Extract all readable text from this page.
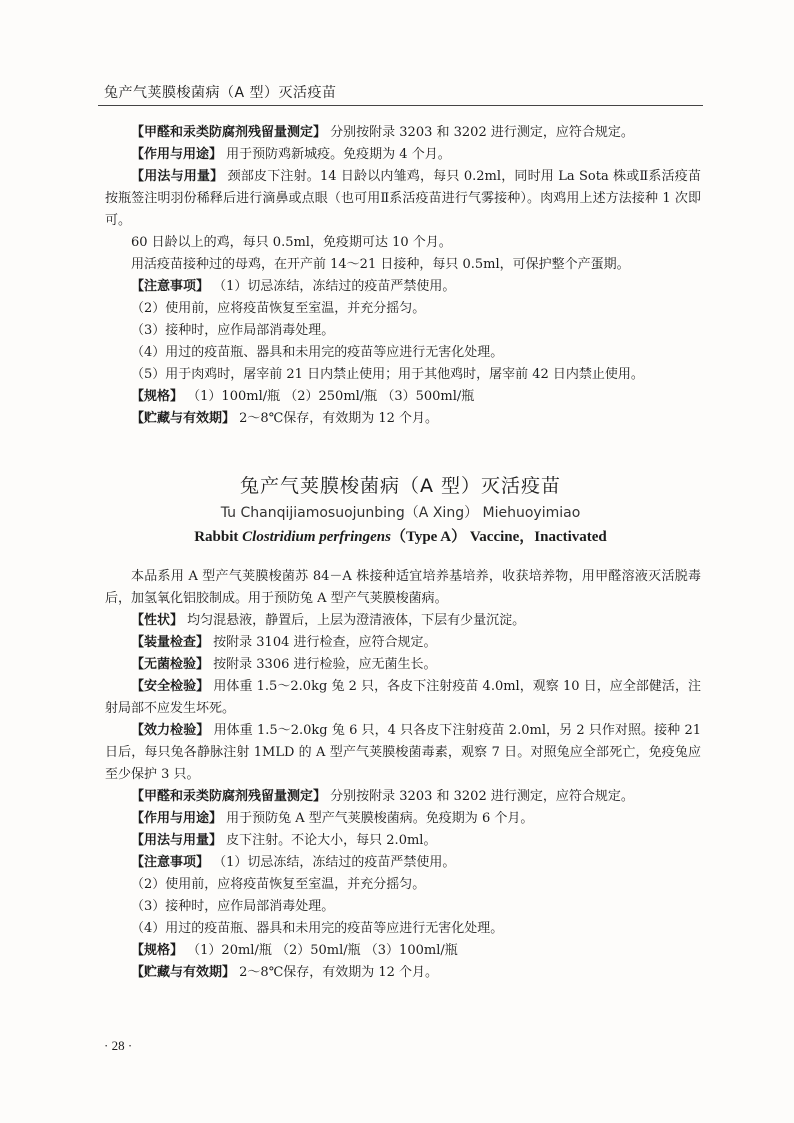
兔产气荚膜梭菌病（A 型）灭活疫苗

【甲醛和汞类防腐剂残留量测定】 分别按附录 3203 和 3202 进行测定，应符合规定。

【作用与用途】 用于预防鸡新城疫。免疫期为 4 个月。

【用法与用量】 颈部皮下注射。14 日龄以内雏鸡，每只 0.2ml，同时用 La Sota 株或Ⅱ系活疫苗按瓶签注明羽份稀释后进行滴鼻或点眼（也可用Ⅱ系活疫苗进行气雾接种）。肉鸡用上述方法接种 1 次即可。

60 日龄以上的鸡，每只 0.5ml，免疫期可达 10 个月。

用活疫苗接种过的母鸡，在开产前 14～21 日接种，每只 0.5ml，可保护整个产蛋期。

【注意事项】 （1）切忌冻结，冻结过的疫苗严禁使用。

（2）使用前，应将疫苗恢复至室温，并充分摇匀。

（3）接种时，应作局部消毒处理。

（4）用过的疫苗瓶、器具和未用完的疫苗等应进行无害化处理。

（5）用于肉鸡时，屠宰前 21 日内禁止使用；用于其他鸡时，屠宰前 42 日内禁止使用。

【规格】 （1）100ml/瓶 （2）250ml/瓶 （3）500ml/瓶

【贮藏与有效期】 2～8℃保存，有效期为 12 个月。

兔产气荚膜梭菌病（A 型）灭活疫苗
Tu Chanqijiamosuojunbing（A Xing） Miehuoyimiao
Rabbit Clostridium perfringens（Type A） Vaccine，Inactivated

本品系用 A 型产气荚膜梭菌苏 84－A 株接种适宜培养基培养，收获培养物，用甲醛溶液灭活脱毒后，加氢氧化铝胶制成。用于预防兔 A 型产气荚膜梭菌病。

【性状】 均匀混悬液，静置后，上层为澄清液体，下层有少量沉淀。

【装量检查】 按附录 3104 进行检查，应符合规定。

【无菌检验】 按附录 3306 进行检验，应无菌生长。

【安全检验】 用体重 1.5～2.0kg 兔 2 只，各皮下注射疫苗 4.0ml，观察 10 日，应全部健活，注射局部不应发生坏死。

【效力检验】 用体重 1.5～2.0kg 兔 6 只，4 只各皮下注射疫苗 2.0ml，另 2 只作对照。接种 21 日后，每只兔各静脉注射 1MLD 的 A 型产气荚膜梭菌毒素，观察 7 日。对照兔应全部死亡，免疫兔应至少保护 3 只。

【甲醛和汞类防腐剂残留量测定】 分别按附录 3203 和 3202 进行测定，应符合规定。

【作用与用途】 用于预防兔 A 型产气荚膜梭菌病。免疫期为 6 个月。

【用法与用量】 皮下注射。不论大小，每只 2.0ml。

【注意事项】 （1）切忌冻结，冻结过的疫苗严禁使用。

（2）使用前，应将疫苗恢复至室温，并充分摇匀。

（3）接种时，应作局部消毒处理。

（4）用过的疫苗瓶、器具和未用完的疫苗等应进行无害化处理。

【规格】 （1）20ml/瓶 （2）50ml/瓶 （3）100ml/瓶

【贮藏与有效期】 2～8℃保存，有效期为 12 个月。

· 28 ·
